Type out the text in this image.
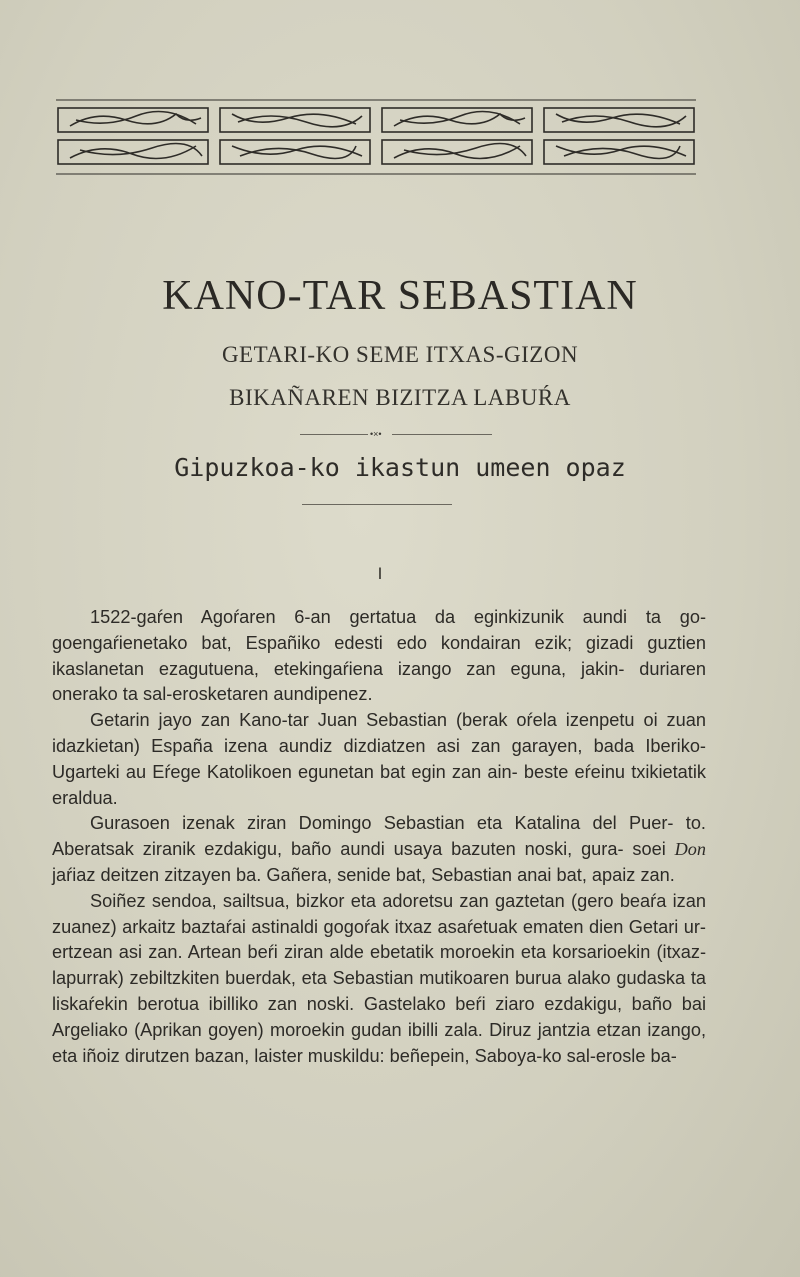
KANO-TAR SEBASTIAN
GETARI-KO SEME ITXAS-GIZON
BIKAÑAREN BIZITZA LABUŔA
•×•
Gipuzkoa-ko ikastun umeen opaz
I

1522-gaŕen Agoŕaren 6-an gertatua da eginkizunik aundi ta go- goengaŕienetako bat, Españiko edesti edo kondairan ezik; gizadi guztien ikaslanetan ezagutuena, etekingaŕiena izango zan eguna, jakin- duriaren onerako ta sal-erosketaren aundipenez.

Getarin jayo zan Kano-tar Juan Sebastian (berak oŕela izenpetu oi zuan idazkietan) España izena aundiz dizdiatzen asi zan garayen, bada Iberiko-Ugarteki au Eŕege Katolikoen egunetan bat egin zan ain- beste eŕeinu txikietatik eraldua.

Gurasoen izenak ziran Domingo Sebastian eta Katalina del Puer- to. Aberatsak ziranik ezdakigu, baño aundi usaya bazuten noski, gura- soei Don jaŕiaz deitzen zitzayen ba. Gañera, senide bat, Sebastian anai bat, apaiz zan.

Soiñez sendoa, sailtsua, bizkor eta adoretsu zan gaztetan (gero beaŕa izan zuanez) arkaitz baztaŕai astinaldi gogoŕak itxaz asaŕetuak ematen dien Getari ur-ertzean asi zan. Artean beŕi ziran alde ebetatik moroekin eta korsarioekin (itxaz-lapurrak) zebiltzkiten buerdak, eta Sebastian mutikoaren burua alako gudaska ta liskaŕekin berotua ibilliko zan noski. Gastelako beŕi ziaro ezdakigu, baño bai Argeliako (Aprikan goyen) moroekin gudan ibilli zala. Diruz jantzia etzan izango, eta iñoiz dirutzen bazan, laister muskildu: beñepein, Saboya-ko sal-erosle ba-
